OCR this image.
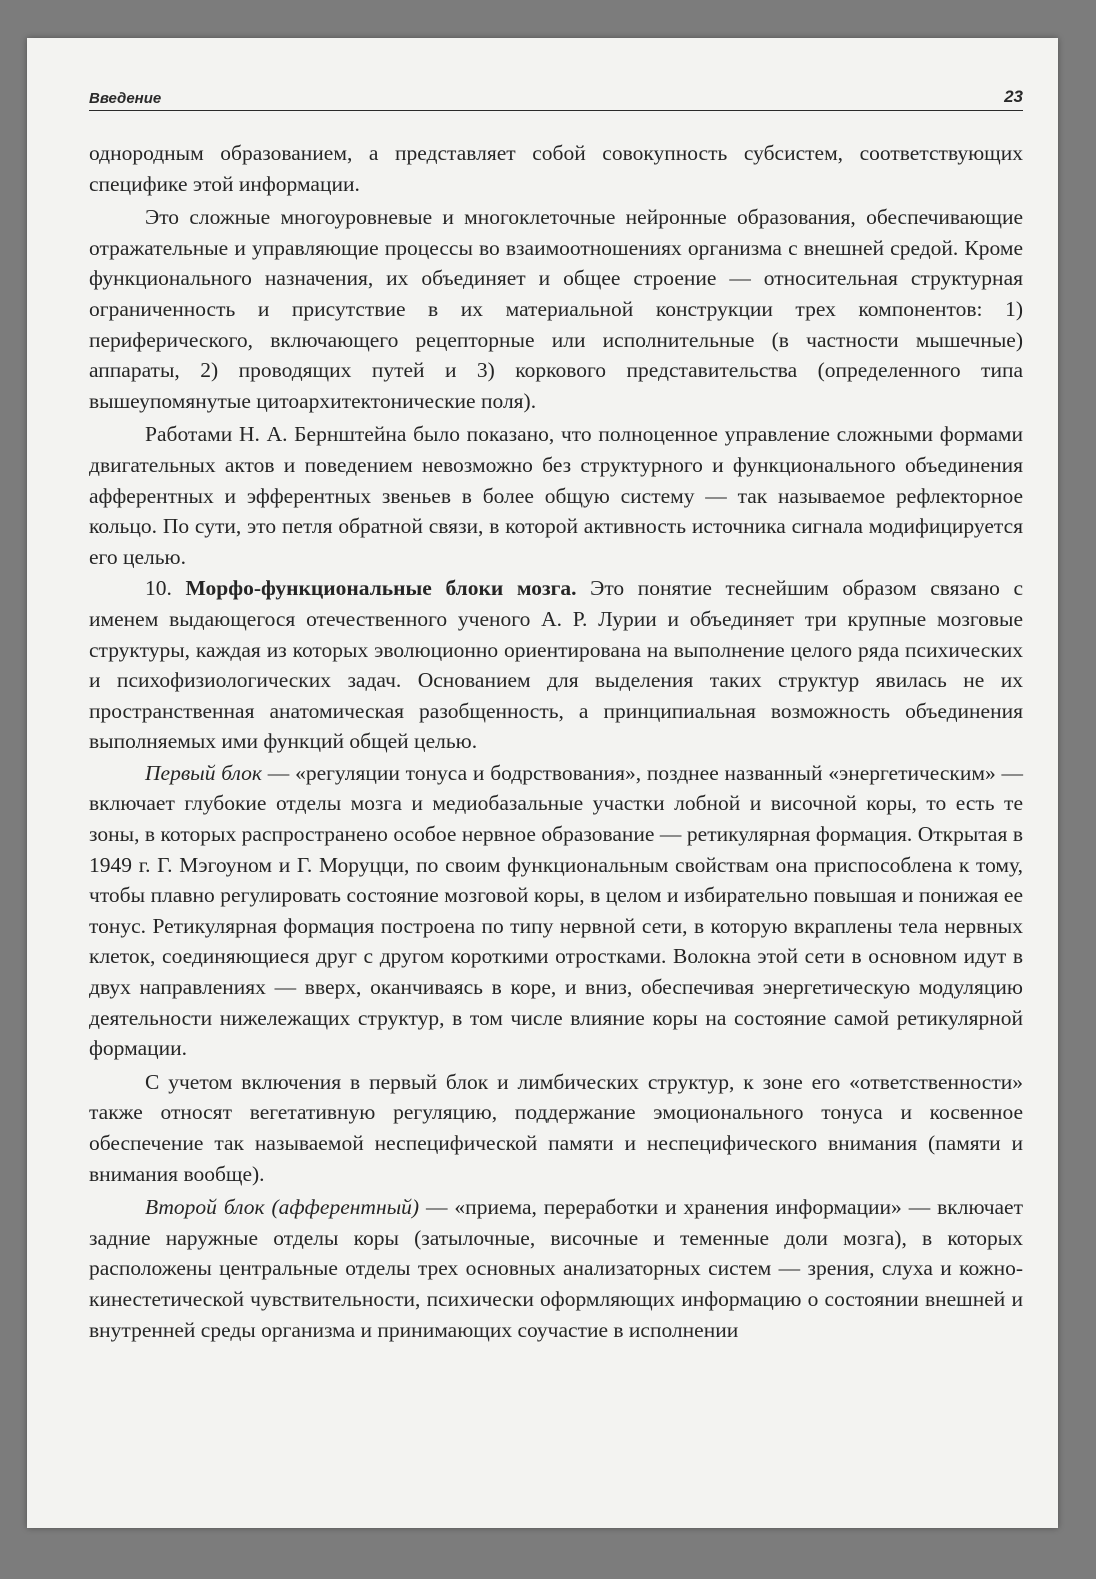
Введение	23

однородным образованием, а представляет собой совокупность субсистем, соответствующих специфике этой информации.

Это сложные многоуровневые и многоклеточные нейронные образования, обеспечивающие отражательные и управляющие процессы во взаимоотношениях организма с внешней средой. Кроме функционального назначения, их объединяет и общее строение — относительная структурная ограниченность и присутствие в их материальной конструкции трех компонентов: 1) периферического, включающего рецепторные или исполнительные (в частности мышечные) аппараты, 2) проводящих путей и 3) коркового представительства (определенного типа вышеупомянутые цитоархитектонические поля).

Работами Н. А. Бернштейна было показано, что полноценное управление сложными формами двигательных актов и поведением невозможно без структурного и функционального объединения афферентных и эфферентных звеньев в более общую систему — так называемое рефлекторное кольцо. По сути, это петля обратной связи, в которой активность источника сигнала модифицируется его целью.

10. Морфо-функциональные блоки мозга. Это понятие теснейшим образом связано с именем выдающегося отечественного ученого А. Р. Лурии и объединяет три крупные мозговые структуры, каждая из которых эволюционно ориентирована на выполнение целого ряда психических и психофизиологических задач. Основанием для выделения таких структур явилась не их пространственная анатомическая разобщенность, а принципиальная возможность объединения выполняемых ими функций общей целью.

Первый блок — «регуляции тонуса и бодрствования», позднее названный «энергетическим» — включает глубокие отделы мозга и медиобазальные участки лобной и височной коры, то есть те зоны, в которых распространено особое нервное образование — ретикулярная формация. Открытая в 1949 г. Г. Мэгоуном и Г. Моруцци, по своим функциональным свойствам она приспособлена к тому, чтобы плавно регулировать состояние мозговой коры, в целом и избирательно повышая и понижая ее тонус. Ретикулярная формация построена по типу нервной сети, в которую вкраплены тела нервных клеток, соединяющиеся друг с другом короткими отростками. Волокна этой сети в основном идут в двух направлениях — вверх, оканчиваясь в коре, и вниз, обеспечивая энергетическую модуляцию деятельности нижележащих структур, в том числе влияние коры на состояние самой ретикулярной формации.

С учетом включения в первый блок и лимбических структур, к зоне его «ответственности» также относят вегетативную регуляцию, поддержание эмоционального тонуса и косвенное обеспечение так называемой неспецифической памяти и неспецифического внимания (памяти и внимания вообще).

Второй блок (афферентный) — «приема, переработки и хранения информации» — включает задние наружные отделы коры (затылочные, височные и теменные доли мозга), в которых расположены центральные отделы трех основных анализаторных систем — зрения, слуха и кожно-кинестетической чувствительности, психически оформляющих информацию о состоянии внешней и внутренней среды организма и принимающих соучастие в исполнении
